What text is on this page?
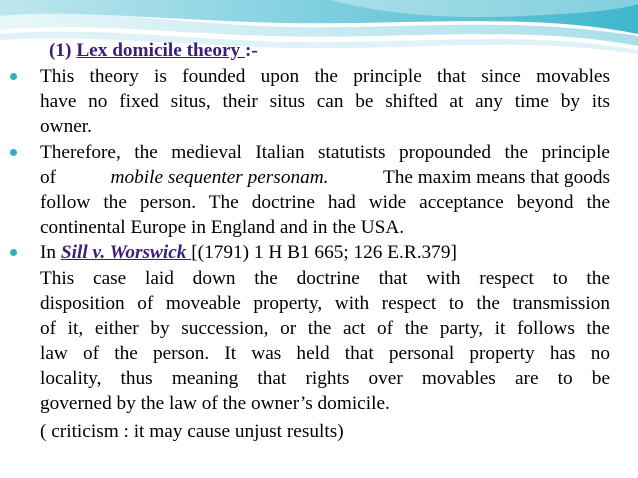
(1) Lex domicile theory :-
This theory is founded upon the principle that since movables
have no fixed situs, their situs can be shifted at any time by its
owner.
Therefore, the medieval Italian statutists propounded the principle
of	mobile sequenter personam.	The maxim means that goods
follow the person. The doctrine had wide acceptance beyond the
continental Europe in England and in the USA.
In Sill v. Worswick [(1791) 1 H B1 665; 126 E.R.379]
This case laid down the doctrine that with respect to the
disposition of moveable property, with respect to the transmission
of it, either by succession, or the act of the party, it follows the
law of the person. It was held that personal property has no
locality, thus meaning that rights over movables are to be
governed by the law of the owner’s domicile.
( criticism : it may cause unjust results)
